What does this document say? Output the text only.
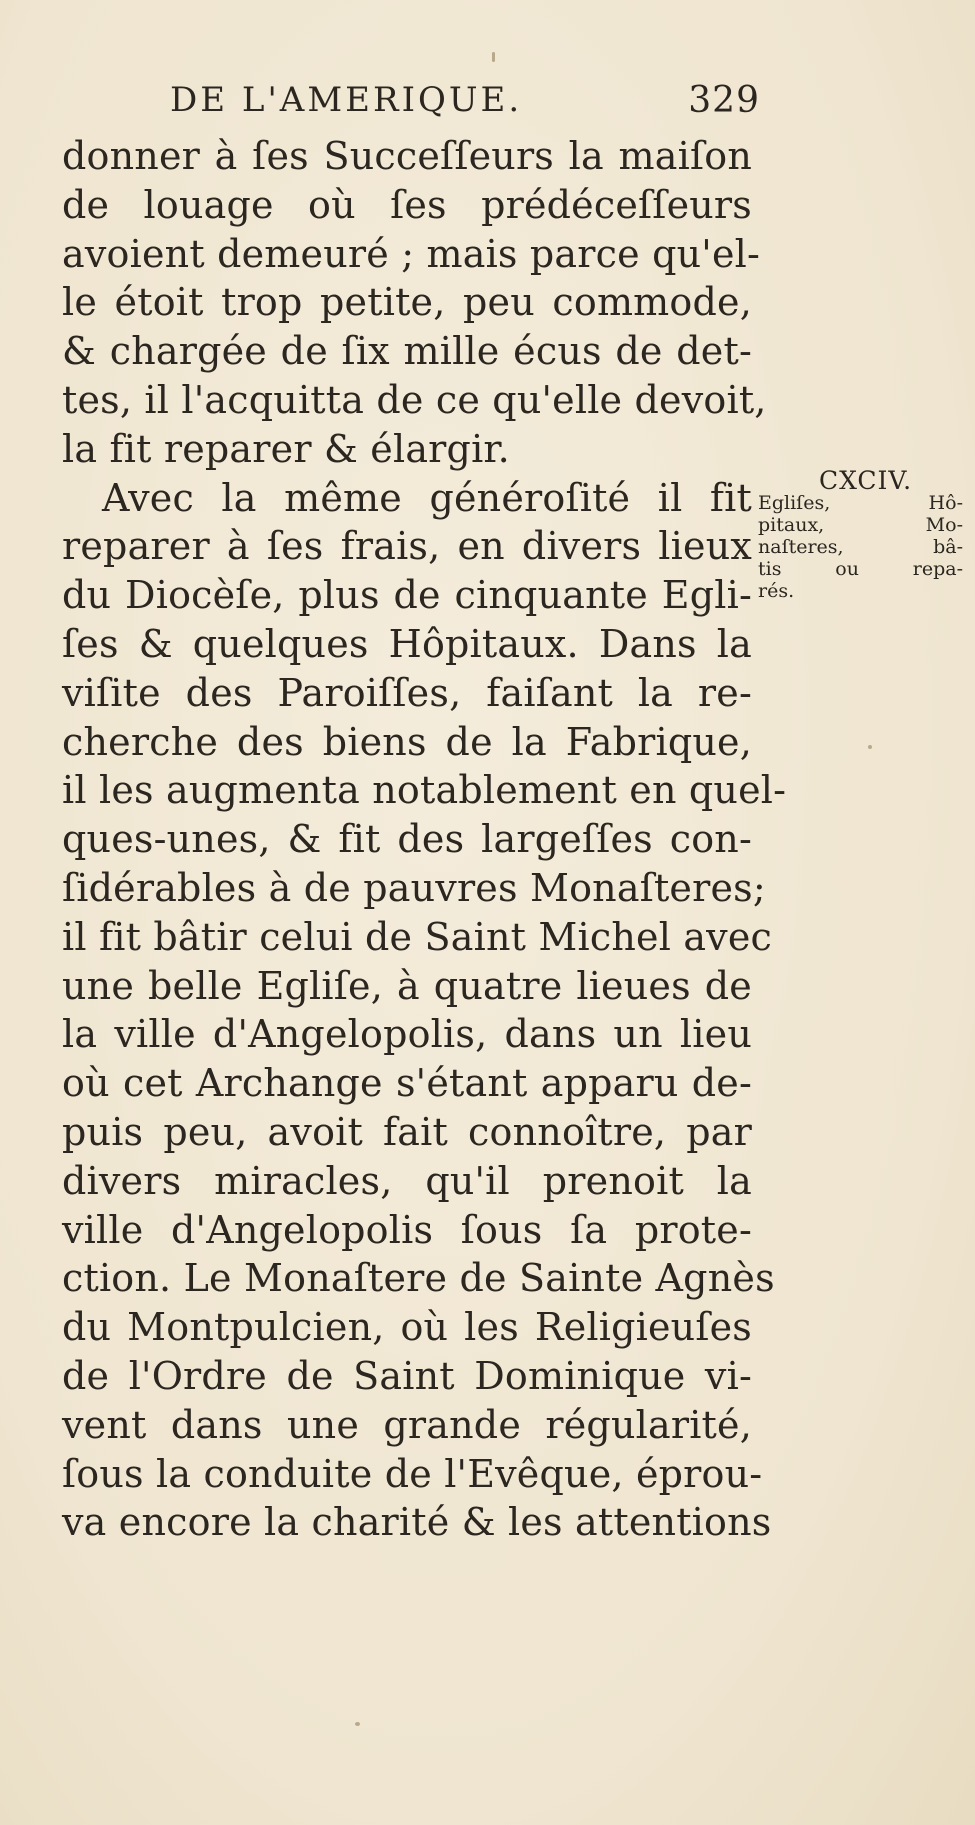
DE L'AMERIQUE.	329
donner à ſes Succeſſeurs la maiſon
de louage où ſes prédéceſſeurs
avoient demeuré ; mais parce qu'el-
le étoit trop petite, peu commode,
& chargée de ſix mille écus de det-
tes, il l'acquitta de ce qu'elle devoit,
la fit reparer & élargir.
Avec la même généroſité il fit
reparer à ſes frais, en divers lieux
du Diocèſe, plus de cinquante Egli-
ſes & quelques Hôpitaux. Dans la
viſite des Paroiſſes, faiſant la re-
cherche des biens de la Fabrique,
il les augmenta notablement en quel-
ques-unes, & fit des largeſſes con-
ſidérables à de pauvres Monaſteres;
il fit bâtir celui de Saint Michel avec
une belle Egliſe, à quatre lieues de
la ville d'Angelopolis, dans un lieu
où cet Archange s'étant apparu de-
puis peu, avoit fait connoître, par
divers miracles, qu'il prenoit la
ville d'Angelopolis ſous ſa prote-
ction. Le Monaſtere de Sainte Agnès
du Montpulcien, où les Religieuſes
de l'Ordre de Saint Dominique vi-
vent dans une grande régularité,
ſous la conduite de l'Evêque, éprou-
va encore la charité & les attentions
CXCIV.
Egliſes, Hô-
pitaux, Mo-
naſteres, bâ-
tis ou repa-
rés.
